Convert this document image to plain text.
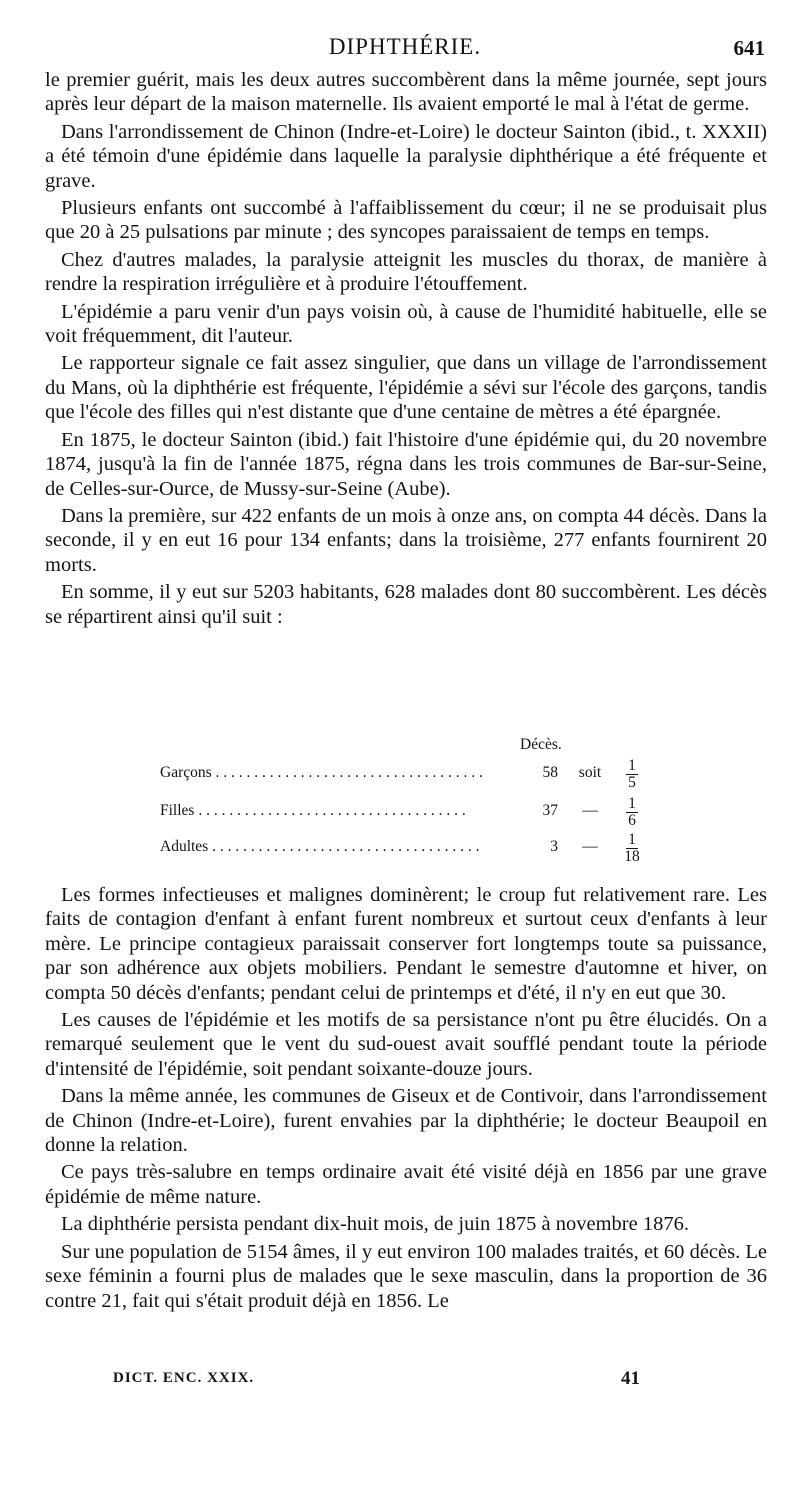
DIPHTHÉRIE.	641

le premier guérit, mais les deux autres succombèrent dans la même journée, sept jours après leur départ de la maison maternelle. Ils avaient emporté le mal à l'état de germe.

Dans l'arrondissement de Chinon (Indre-et-Loire) le docteur Sainton (ibid., t. XXXII) a été témoin d'une épidémie dans laquelle la paralysie diphthérique a été fréquente et grave.

Plusieurs enfants ont succombé à l'affaiblissement du cœur; il ne se produisait plus que 20 à 25 pulsations par minute ; des syncopes paraissaient de temps en temps.

Chez d'autres malades, la paralysie atteignit les muscles du thorax, de manière à rendre la respiration irrégulière et à produire l'étouffement.

L'épidémie a paru venir d'un pays voisin où, à cause de l'humidité habituelle, elle se voit fréquemment, dit l'auteur.

Le rapporteur signale ce fait assez singulier, que dans un village de l'arrondissement du Mans, où la diphthérie est fréquente, l'épidémie a sévi sur l'école des garçons, tandis que l'école des filles qui n'est distante que d'une centaine de mètres a été épargnée.

En 1875, le docteur Sainton (ibid.) fait l'histoire d'une épidémie qui, du 20 novembre 1874, jusqu'à la fin de l'année 1875, régna dans les trois communes de Bar-sur-Seine, de Celles-sur-Ource, de Mussy-sur-Seine (Aube).

Dans la première, sur 422 enfants de un mois à onze ans, on compta 44 décès. Dans la seconde, il y en eut 16 pour 134 enfants; dans la troisième, 277 enfants fournirent 20 morts.

En somme, il y eut sur 5203 habitants, 628 malades dont 80 succombèrent. Les décès se répartirent ainsi qu'il suit :

Décès.
Garçons . . . . . . . . . . . . . . . . . . . . . . . . . . . . . . . . . . .	58	soit	$\frac{1}{5}$
Filles . . . . . . . . . . . . . . . . . . . . . . . . . . . . . . . . . . .	37	—	$\frac{1}{6}$
Adultes . . . . . . . . . . . . . . . . . . . . . . . . . . . . . . . . . . .	3	—	$\frac{1}{18}$

Les formes infectieuses et malignes dominèrent; le croup fut relativement rare. Les faits de contagion d'enfant à enfant furent nombreux et surtout ceux d'enfants à leur mère. Le principe contagieux paraissait conserver fort longtemps toute sa puissance, par son adhérence aux objets mobiliers. Pendant le semestre d'automne et hiver, on compta 50 décès d'enfants; pendant celui de printemps et d'été, il n'y en eut que 30.

Les causes de l'épidémie et les motifs de sa persistance n'ont pu être élucidés. On a remarqué seulement que le vent du sud-ouest avait soufflé pendant toute la période d'intensité de l'épidémie, soit pendant soixante-douze jours.

Dans la même année, les communes de Giseux et de Contivoir, dans l'arrondissement de Chinon (Indre-et-Loire), furent envahies par la diphthérie; le docteur Beaupoil en donne la relation.

Ce pays très-salubre en temps ordinaire avait été visité déjà en 1856 par une grave épidémie de même nature.

La diphthérie persista pendant dix-huit mois, de juin 1875 à novembre 1876.

Sur une population de 5154 âmes, il y eut environ 100 malades traités, et 60 décès. Le sexe féminin a fourni plus de malades que le sexe masculin, dans la proportion de 36 contre 21, fait qui s'était produit déjà en 1856. Le

DICT. ENC. XXIX.	41
